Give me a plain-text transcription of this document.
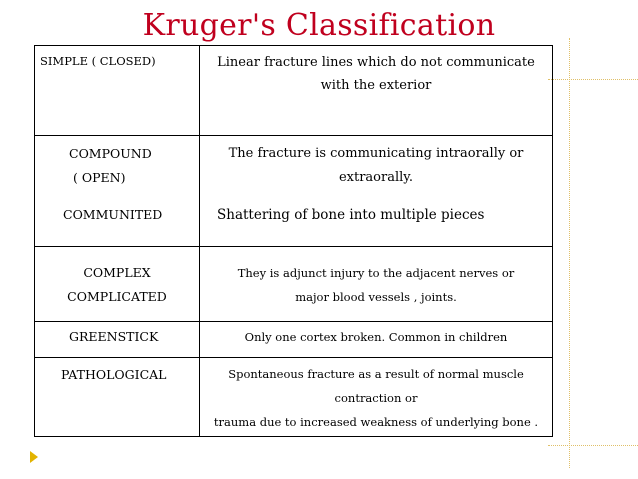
Kruger's Classification
SIMPLE ( CLOSED)	Linear fracture lines which do not communicate
with the exterior

COMPOUND
( OPEN)	The fracture is communicating intraorally or
extraorally.

COMMUNITED	Shattering of bone into multiple pieces

COMPLEX
COMPLICATED	They is adjunct injury to the adjacent nerves or
major blood vessels , joints.

GREENSTICK	Only one cortex broken. Common in children

PATHOLOGICAL	Spontaneous fracture as a result of normal muscle
contraction or
trauma due to increased weakness of underlying bone .
